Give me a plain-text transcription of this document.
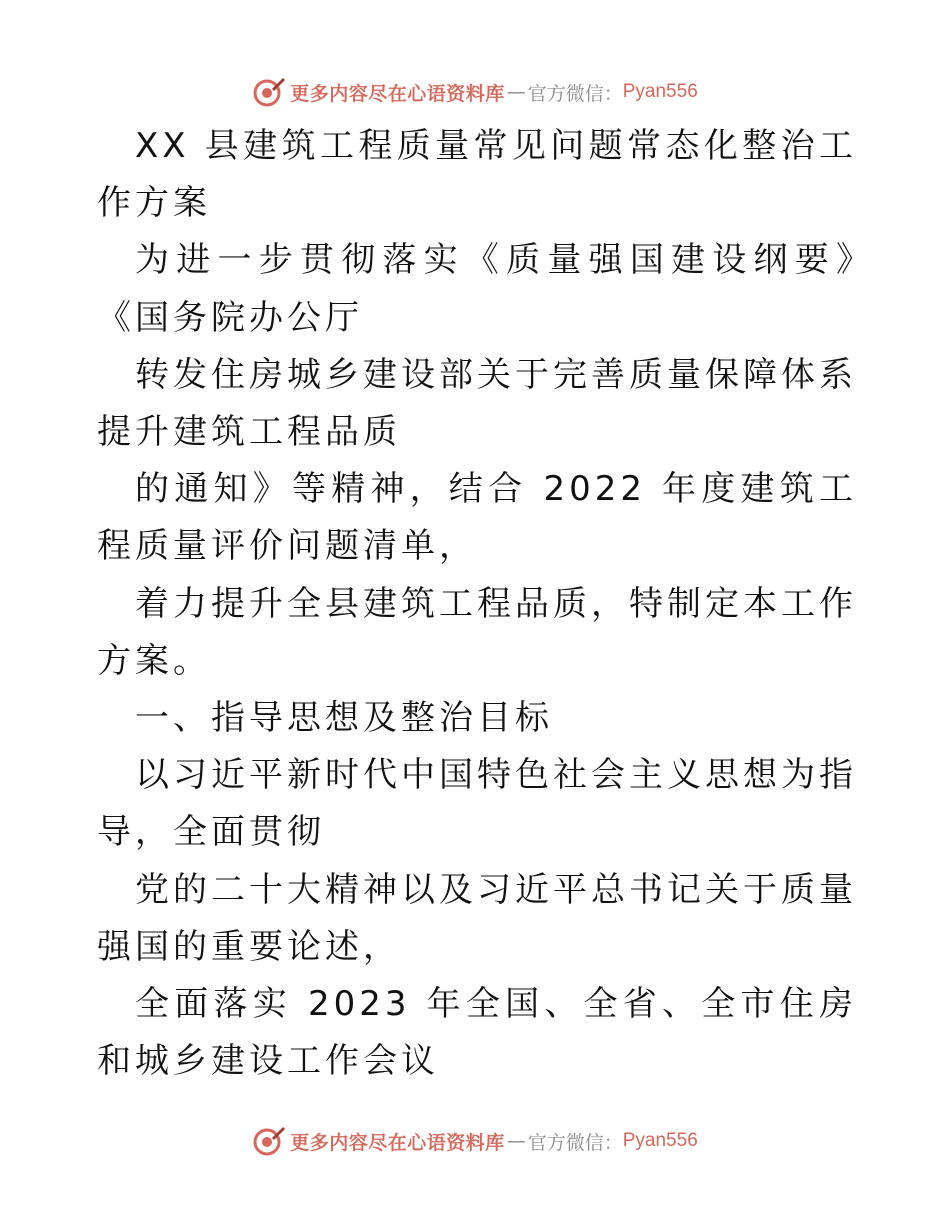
更多内容尽在心语资料库 — 官方微信： Pyan556

XX 县建筑工程质量常见问题常态化整治工作方案

为进一步贯彻落实《质量强国建设纲要》　《国务院办公厅

转发住房城乡建设部关于完善质量保障体系提升建筑工程品质

的通知》等精神，结合 2022 年度建筑工程质量评价问题清单，

着力提升全县建筑工程品质，特制定本工作方案。

一、指导思想及整治目标

以习近平新时代中国特色社会主义思想为指导，全面贯彻

党的二十大精神以及习近平总书记关于质量强国的重要论述，

全面落实 2023 年全国、全省、全市住房和城乡建设工作会议

更多内容尽在心语资料库 — 官方微信： Pyan556
